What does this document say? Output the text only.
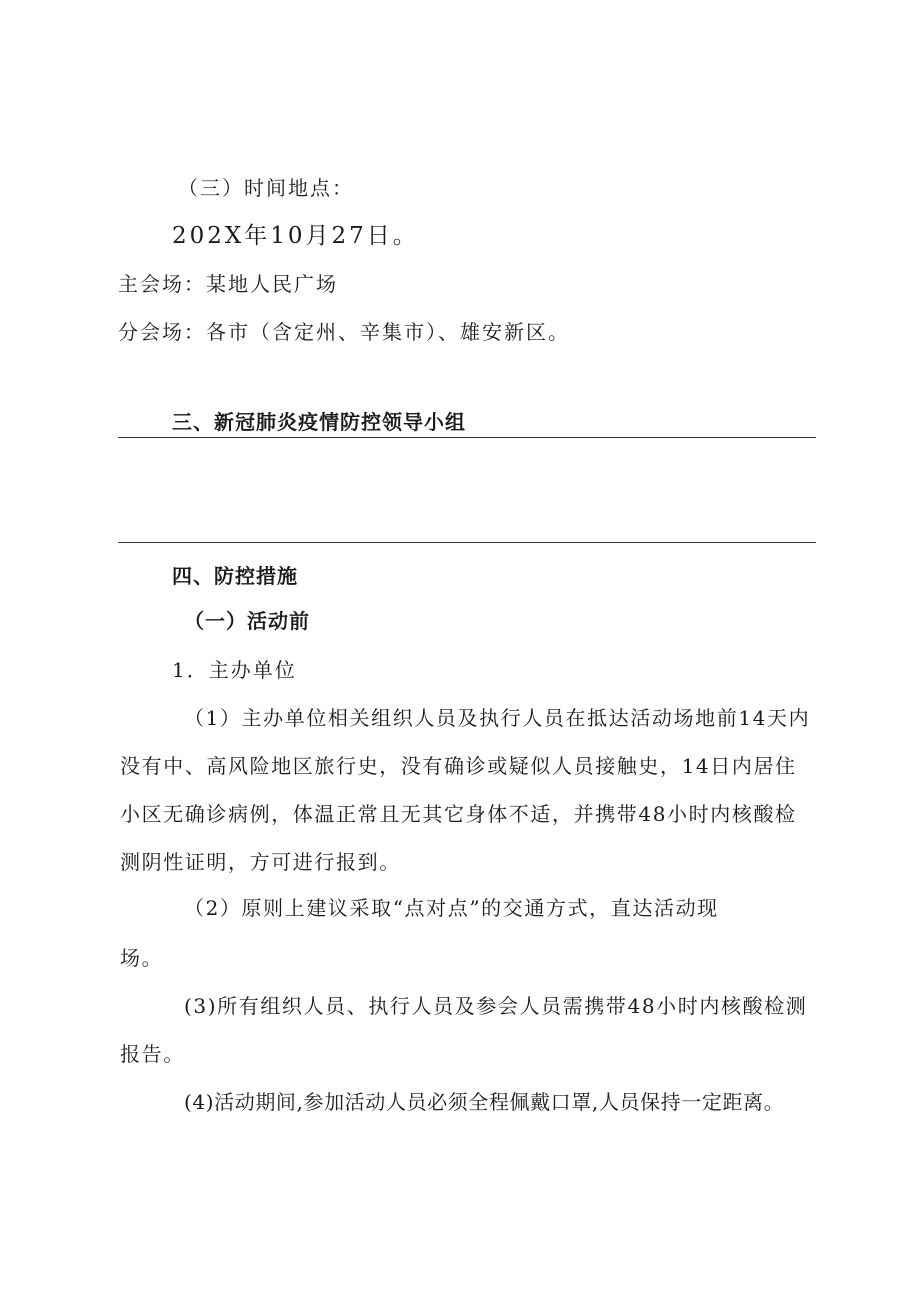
（三）时间地点：
202X年10月27日。
主会场：某地人民广场
分会场：各市（含定州、辛集市）、雄安新区。
三、新冠肺炎疫情防控领导小组
四、防控措施
（一）活动前
1．主办单位
（1）主办单位相关组织人员及执行人员在抵达活动场地前14天内
没有中、高风险地区旅行史，没有确诊或疑似人员接触史，14日内居住
小区无确诊病例，体温正常且无其它身体不适，并携带48小时内核酸检
测阴性证明，方可进行报到。
（2）原则上建议采取“点对点”的交通方式，直达活动现
场。
(3)所有组织人员、执行人员及参会人员需携带48小时内核酸检测
报告。
(4)活动期间,参加活动人员必须全程佩戴口罩,人员保持一定距离。
